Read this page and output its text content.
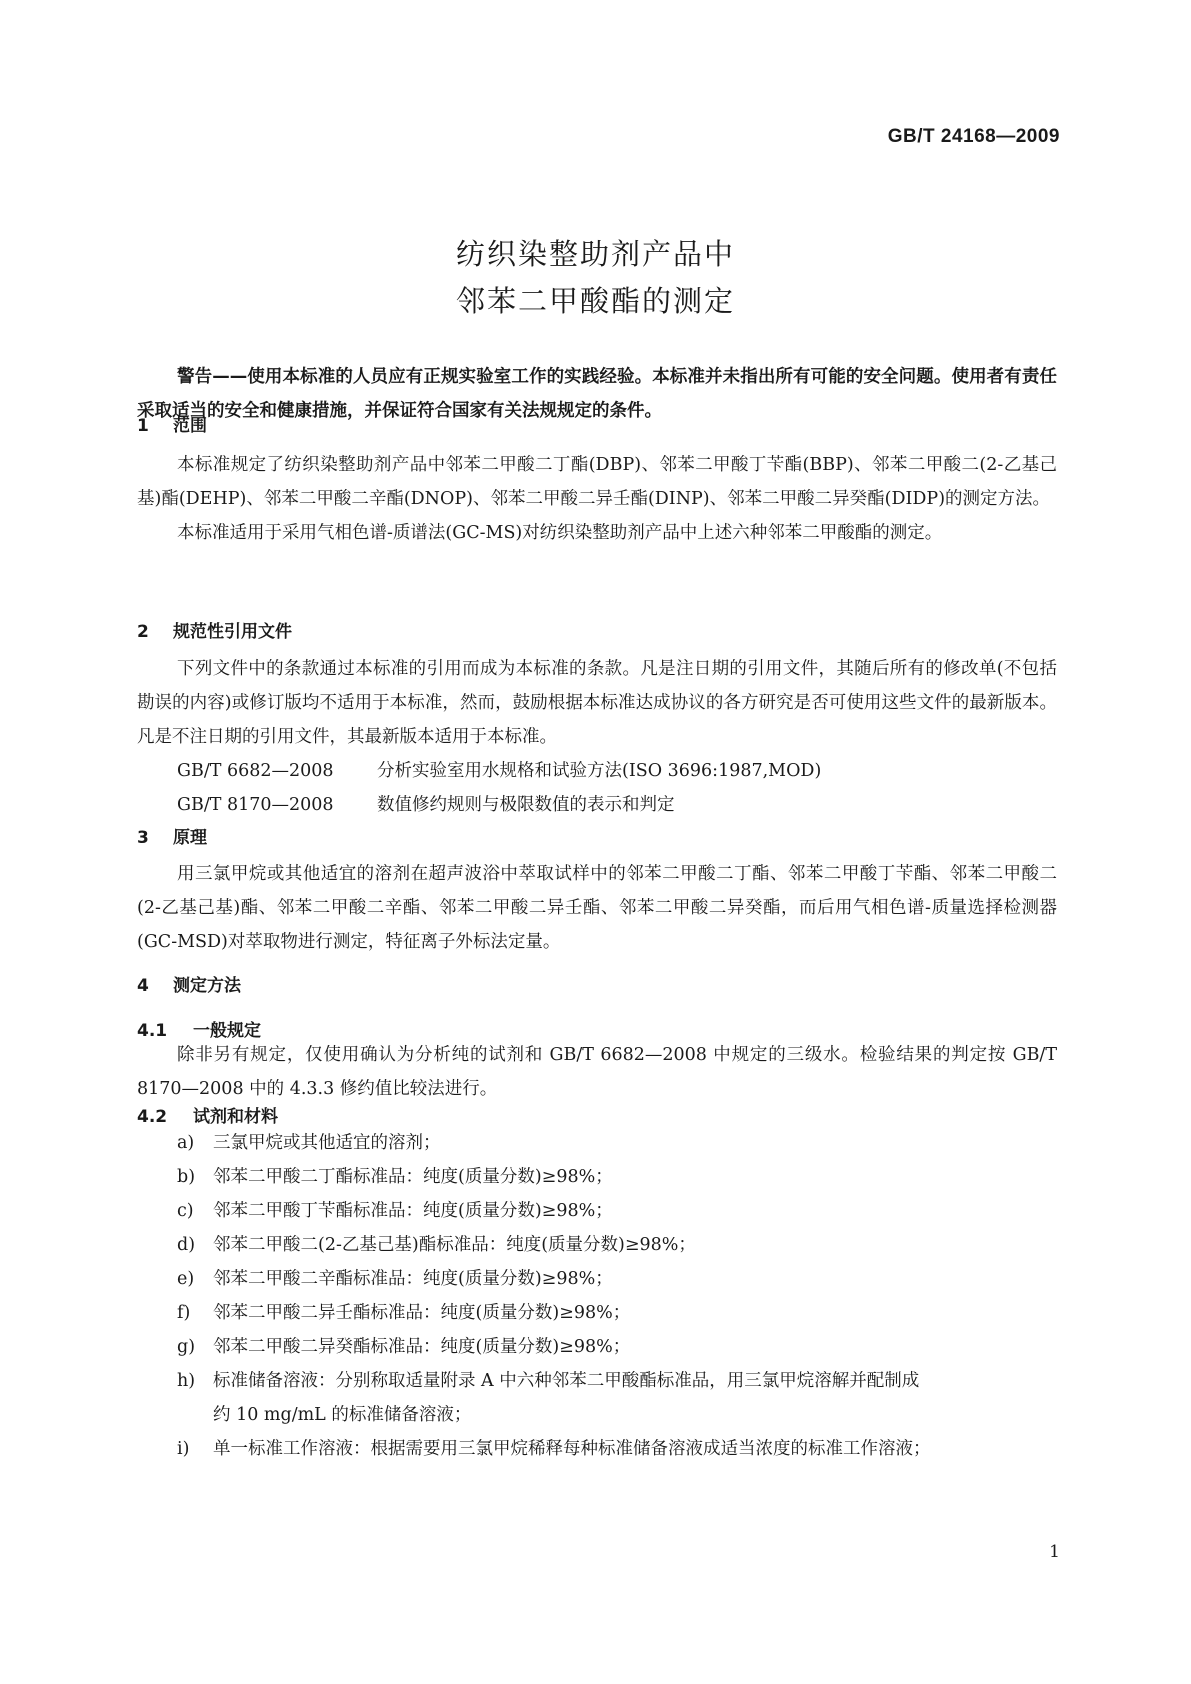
GB/T 24168—2009
纺织染整助剂产品中
邻苯二甲酸酯的测定
警告——使用本标准的人员应有正规实验室工作的实践经验。本标准并未指出所有可能的安全问题。使用者有责任采取适当的安全和健康措施，并保证符合国家有关法规规定的条件。
1 范围

本标准规定了纺织染整助剂产品中邻苯二甲酸二丁酯(DBP)、邻苯二甲酸丁苄酯(BBP)、邻苯二甲酸二(2-乙基己基)酯(DEHP)、邻苯二甲酸二辛酯(DNOP)、邻苯二甲酸二异壬酯(DINP)、邻苯二甲酸二异癸酯(DIDP)的测定方法。

本标准适用于采用气相色谱-质谱法(GC-MS)对纺织染整助剂产品中上述六种邻苯二甲酸酯的测定。

2 规范性引用文件

下列文件中的条款通过本标准的引用而成为本标准的条款。凡是注日期的引用文件，其随后所有的修改单(不包括勘误的内容)或修订版均不适用于本标准，然而，鼓励根据本标准达成协议的各方研究是否可使用这些文件的最新版本。凡是不注日期的引用文件，其最新版本适用于本标准。

GB/T 6682—2008 分析实验室用水规格和试验方法(ISO 3696:1987,MOD)

GB/T 8170—2008 数值修约规则与极限数值的表示和判定

3 原理

用三氯甲烷或其他适宜的溶剂在超声波浴中萃取试样中的邻苯二甲酸二丁酯、邻苯二甲酸丁苄酯、邻苯二甲酸二(2-乙基己基)酯、邻苯二甲酸二辛酯、邻苯二甲酸二异壬酯、邻苯二甲酸二异癸酯，而后用气相色谱-质量选择检测器(GC-MSD)对萃取物进行测定，特征离子外标法定量。

4 测定方法
4.1 一般规定

除非另有规定，仅使用确认为分析纯的试剂和 GB/T 6682—2008 中规定的三级水。检验结果的判定按 GB/T 8170—2008 中的 4.3.3 修约值比较法进行。

4.2 试剂和材料
a) 三氯甲烷或其他适宜的溶剂；
b) 邻苯二甲酸二丁酯标准品：纯度(质量分数)≥98%；
c) 邻苯二甲酸丁苄酯标准品：纯度(质量分数)≥98%；
d) 邻苯二甲酸二(2-乙基己基)酯标准品：纯度(质量分数)≥98%；
e) 邻苯二甲酸二辛酯标准品：纯度(质量分数)≥98%；
f) 邻苯二甲酸二异壬酯标准品：纯度(质量分数)≥98%；
g) 邻苯二甲酸二异癸酯标准品：纯度(质量分数)≥98%；
h) 标准储备溶液：分别称取适量附录 A 中六种邻苯二甲酸酯标准品，用三氯甲烷溶解并配制成
约 10 mg/mL 的标准储备溶液；
i) 单一标准工作溶液：根据需要用三氯甲烷稀释每种标准储备溶液成适当浓度的标准工作溶液；
1
